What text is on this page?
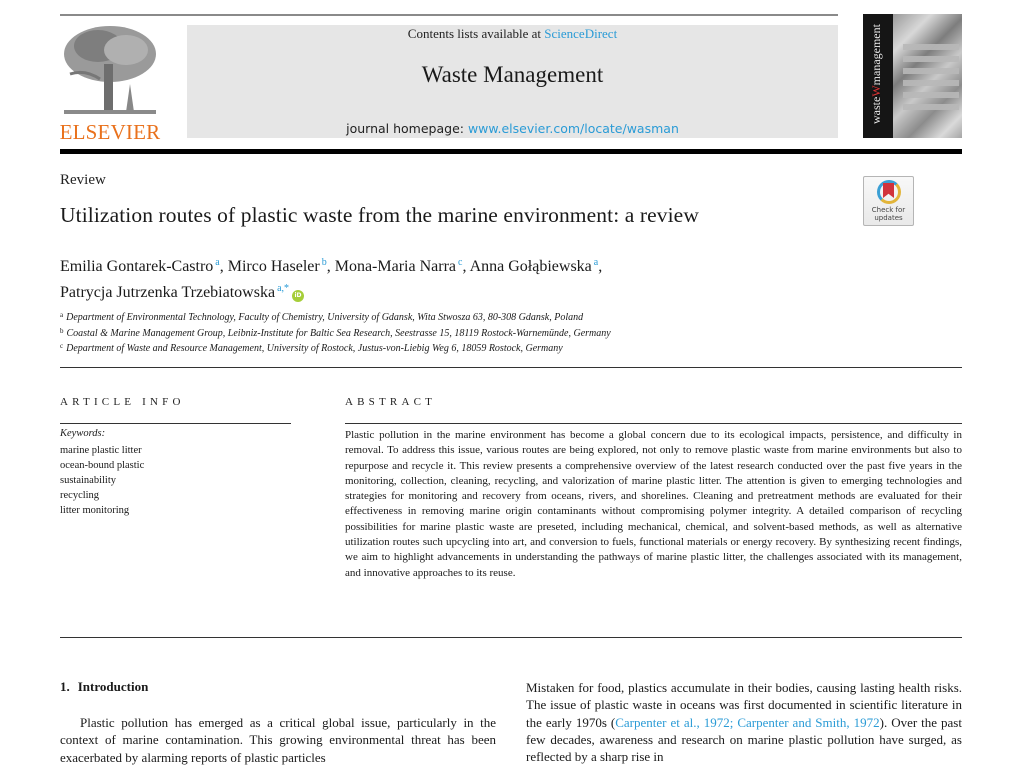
ELSEVIER
Contents lists available at ScienceDirect
Waste Management
journal homepage: www.elsevier.com/locate/wasman
wasteWmanagement
Review
Utilization routes of plastic waste from the marine environment: a review	Check for
updates
Emilia Gontarek-Castro $^a$, Mirco Haseler $^b$, Mona-Maria Narra $^c$, Anna Gołąbiewska $^a$,
Patrycja Jutrzenka Trzebiatowska $^{a,*}$iD
$^a$ Department of Environmental Technology, Faculty of Chemistry, University of Gdansk, Wita Stwosza 63, 80-308 Gdansk, Poland
$^b$ Coastal & Marine Management Group, Leibniz-Institute for Baltic Sea Research, Seestrasse 15, 18119 Rostock-Warnemünde, Germany
$^c$ Department of Waste and Resource Management, University of Rostock, Justus-von-Liebig Weg 6, 18059 Rostock, Germany
ARTICLE INFO
Keywords:
marine plastic litter
ocean-bound plastic
sustainability
recycling
litter monitoring
ABSTRACT
Plastic pollution in the marine environment has become a global concern due to its ecological impacts, persistence, and difficulty in removal. To address this issue, various routes are being explored, not only to remove plastic waste from marine environments but also to repurpose and recycle it. This review presents a comprehensive overview of the latest research conducted over the past five years in the monitoring, collection, cleaning, recycling, and valorization of marine plastic litter. The attention is given to emerging technologies and strategies for monitoring and recovery from oceans, rivers, and shorelines. Cleaning and pretreatment methods are evaluated for their effectiveness in removing marine origin contaminants without compromising polymer integrity. A detailed comparison of recycling possibilities for marine plastic waste are preseted, including mechanical, chemical, and solvent-based methods, as well as alternative utilization routes such upcycling into art, and conversion to fuels, functional materials or energy recovery. By synthesizing recent findings, we aim to highlight advancements in understanding the pathways of marine plastic litter, the challenges associated with its management, and innovative approaches to its reuse.
1. Introduction
Plastic pollution has emerged as a critical global issue, particularly in the context of marine contamination. This growing environmental threat has been exacerbated by alarming reports of plastic particles
Mistaken for food, plastics accumulate in their bodies, causing lasting health risks. The issue of plastic waste in oceans was first documented in scientific literature in the early 1970s (Carpenter et al., 1972; Carpenter and Smith, 1972). Over the past few decades, awareness and research on marine plastic pollution have surged, as reflected by a sharp rise in
